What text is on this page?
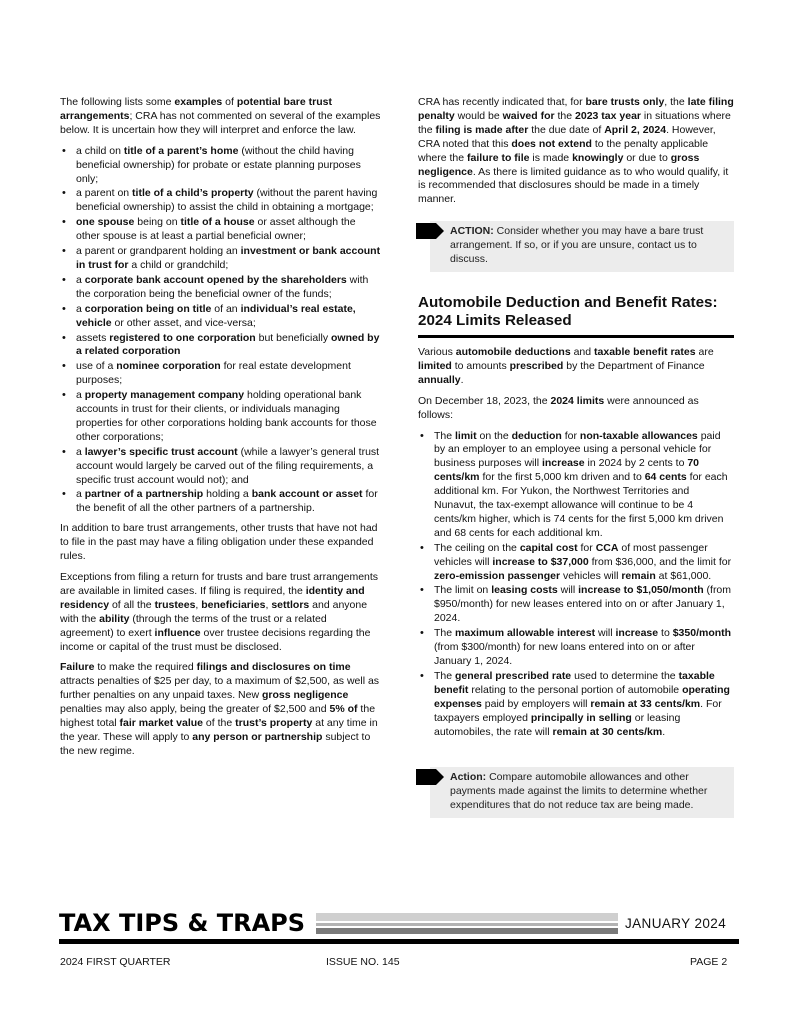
The following lists some examples of potential bare trust arrangements; CRA has not commented on several of the examples below. It is uncertain how they will interpret and enforce the law.

• a child on title of a parent’s home (without the child having beneficial ownership) for probate or estate planning purposes only;
• a parent on title of a child’s property (without the parent having beneficial ownership) to assist the child in obtaining a mortgage;
• one spouse being on title of a house or asset although the other spouse is at least a partial beneficial owner;
• a parent or grandparent holding an investment or bank account in trust for a child or grandchild;
• a corporate bank account opened by the shareholders with the corporation being the beneficial owner of the funds;
• a corporation being on title of an individual’s real estate, vehicle or other asset, and vice-versa;
• assets registered to one corporation but beneficially owned by a related corporation
• use of a nominee corporation for real estate development purposes;
• a property management company holding operational bank accounts in trust for their clients, or individuals managing properties for other corporations holding bank accounts for those other corporations;
• a lawyer’s specific trust account (while a lawyer’s general trust account would largely be carved out of the filing requirements, a specific trust account would not); and
• a partner of a partnership holding a bank account or asset for the benefit of all the other partners of a partnership.

In addition to bare trust arrangements, other trusts that have not had to file in the past may have a filing obligation under these expanded rules.

Exceptions from filing a return for trusts and bare trust arrangements are available in limited cases. If filing is required, the identity and residency of all the trustees, beneficiaries, settlors and anyone with the ability (through the terms of the trust or a related agreement) to exert influence over trustee decisions regarding the income or capital of the trust must be disclosed.

Failure to make the required filings and disclosures on time attracts penalties of $25 per day, to a maximum of $2,500, as well as further penalties on any unpaid taxes. New gross negligence penalties may also apply, being the greater of $2,500 and 5% of the highest total fair market value of the trust’s property at any time in the year. These will apply to any person or partnership subject to the new regime.

CRA has recently indicated that, for bare trusts only, the late filing penalty would be waived for the 2023 tax year in situations where the filing is made after the due date of April 2, 2024. However, CRA noted that this does not extend to the penalty applicable where the failure to file is made knowingly or due to gross negligence. As there is limited guidance as to who would qualify, it is recommended that disclosures should be made in a timely manner.

ACTION: Consider whether you may have a bare trust arrangement. If so, or if you are unsure, contact us to discuss.
Automobile Deduction and Benefit Rates: 2024 Limits Released

Various automobile deductions and taxable benefit rates are limited to amounts prescribed by the Department of Finance annually.

On December 18, 2023, the 2024 limits were announced as follows:

• The limit on the deduction for non-taxable allowances paid by an employer to an employee using a personal vehicle for business purposes will increase in 2024 by 2 cents to 70 cents/km for the first 5,000 km driven and to 64 cents for each additional km. For Yukon, the Northwest Territories and Nunavut, the tax-exempt allowance will continue to be 4 cents/km higher, which is 74 cents for the first 5,000 km driven and 68 cents for each additional km.
• The ceiling on the capital cost for CCA of most passenger vehicles will increase to $37,000 from $36,000, and the limit for zero-emission passenger vehicles will remain at $61,000.
• The limit on leasing costs will increase to $1,050/month (from $950/month) for new leases entered into on or after January 1, 2024.
• The maximum allowable interest will increase to $350/month (from $300/month) for new loans entered into on or after January 1, 2024.
• The general prescribed rate used to determine the taxable benefit relating to the personal portion of automobile operating expenses paid by employers will remain at 33 cents/km. For taxpayers employed principally in selling or leasing automobiles, the rate will remain at 30 cents/km.
Action: Compare automobile allowances and other payments made against the limits to determine whether expenditures that do not reduce tax are being made.
TAX TIPS & TRAPS	JANUARY 2024
2024 FIRST QUARTER	ISSUE NO. 145	PAGE 2
